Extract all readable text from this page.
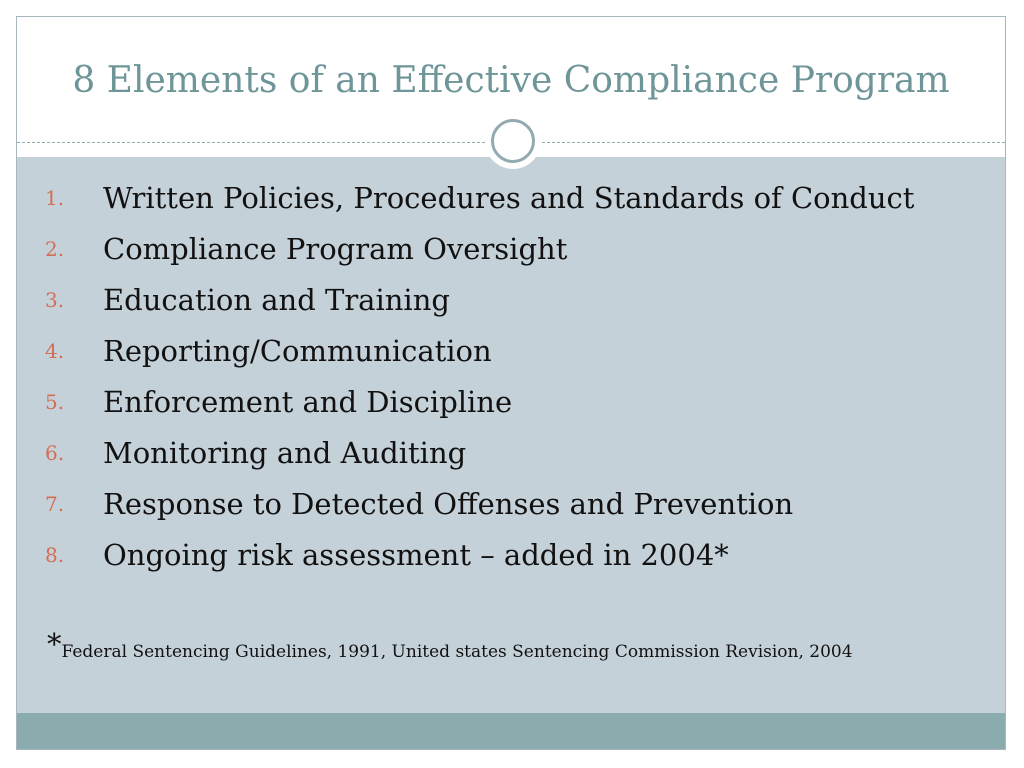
8 Elements of an Effective Compliance Program
1.	Written Policies, Procedures and Standards of Conduct
2.	Compliance Program Oversight
3.	Education and Training
4.	Reporting/Communication
5.	Enforcement and Discipline
6.	Monitoring and Auditing
7.	Response to Detected Offenses and Prevention
8.	Ongoing risk assessment – added in 2004*
*Federal Sentencing Guidelines, 1991, United states Sentencing Commission Revision, 2004
